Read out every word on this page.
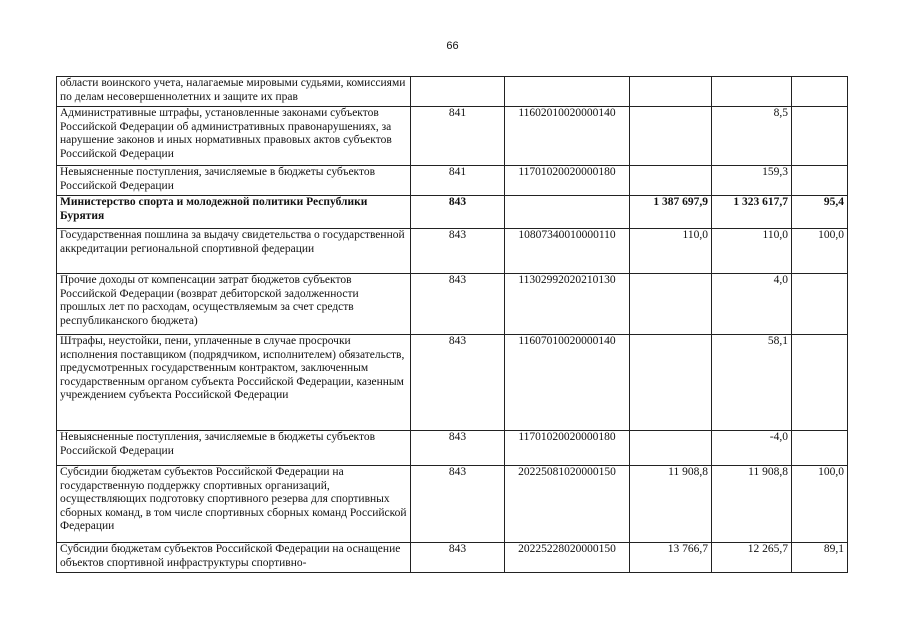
66
области воинского учета, налагаемые мировыми судьями, комиссиями по делам несовершеннолетних и защите их прав					
Административные штрафы, установленные законами субъектов Российской Федерации об административных правонарушениях, за нарушение законов и иных нормативных правовых актов субъектов Российской Федерации	841	11602010020000140		8,5	
Невыясненные поступления, зачисляемые в бюджеты субъектов Российской Федерации	841	11701020020000180		159,3	
Министерство спорта и молодежной политики Республики Бурятия	843		1 387 697,9	1 323 617,7	95,4
Государственная пошлина за выдачу свидетельства о государственной аккредитации региональной спортивной федерации	843	10807340010000110	110,0	110,0	100,0
Прочие доходы от компенсации затрат бюджетов субъектов Российской Федерации (возврат дебиторской задолженности прошлых лет по расходам, осуществляемым за счет средств республиканского бюджета)	843	11302992020210130		4,0	
Штрафы, неустойки, пени, уплаченные в случае просрочки исполнения поставщиком (подрядчиком, исполнителем) обязательств, предусмотренных государственным контрактом, заключенным государственным органом субъекта Российской Федерации, казенным учреждением субъекта Российской Федерации	843	11607010020000140		58,1	
Невыясненные поступления, зачисляемые в бюджеты субъектов Российской Федерации	843	11701020020000180		-4,0	
Субсидии бюджетам субъектов Российской Федерации на государственную поддержку спортивных организаций, осуществляющих подготовку спортивного резерва для спортивных сборных команд, в том числе спортивных сборных команд Российской Федерации	843	20225081020000150	11 908,8	11 908,8	100,0
Субсидии бюджетам субъектов Российской Федерации на оснащение объектов спортивной инфраструктуры спортивно-	843	20225228020000150	13 766,7	12 265,7	89,1
